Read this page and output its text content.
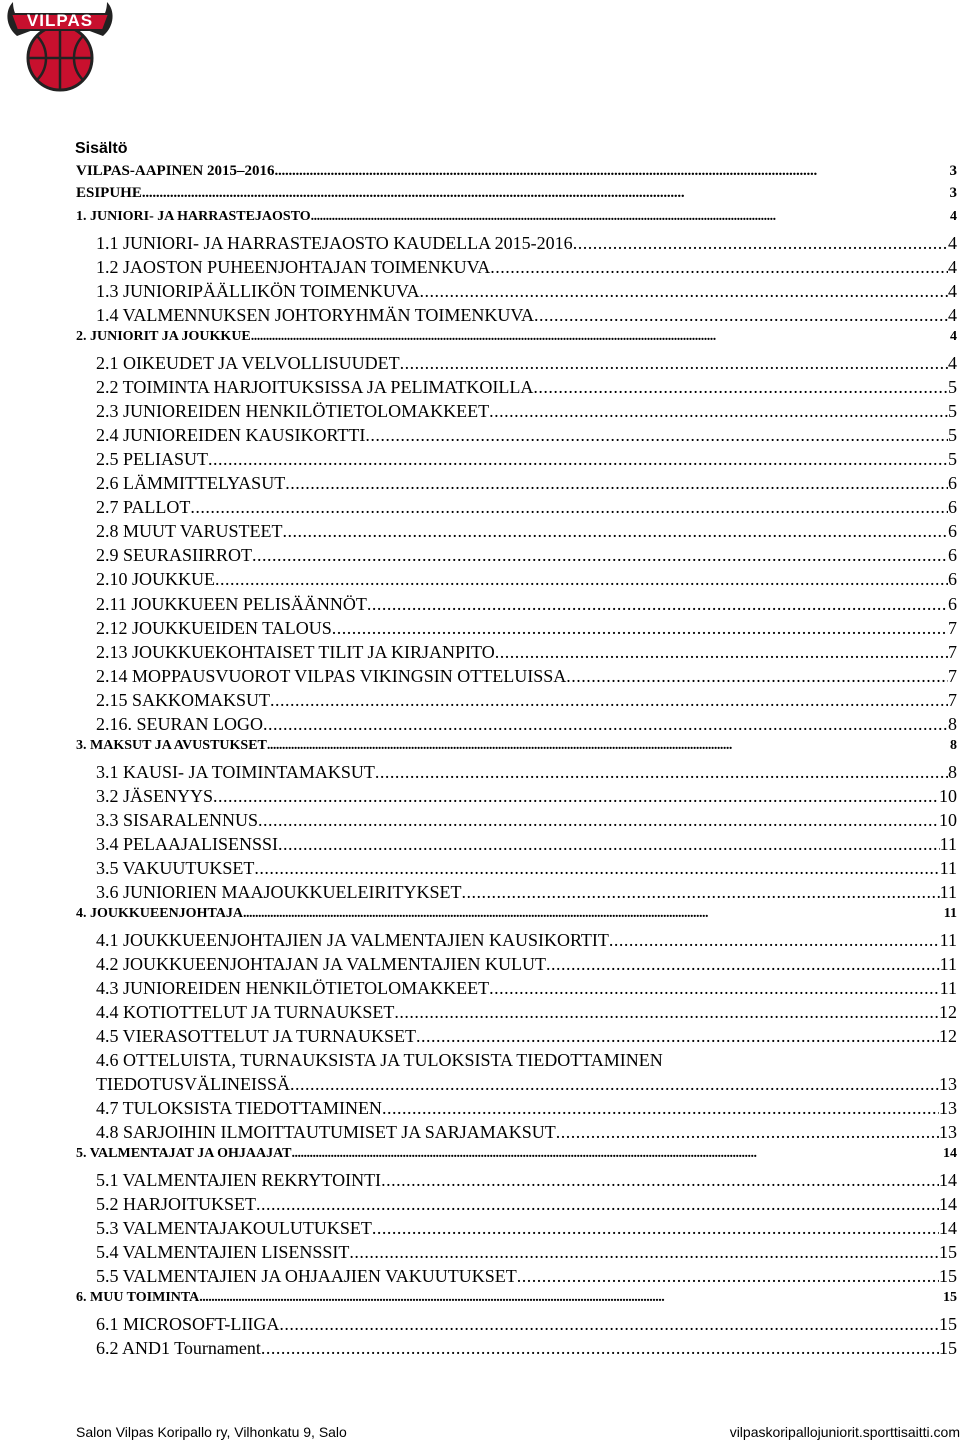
VILPAS
Sisältö
VILPAS-AAPINEN 2015–2016 . . .	3
ESIPUHE . . .	3
1. JUNIORI- JA HARRASTEJAOSTO . . .	4
1.1 JUNIORI- JA HARRASTEJAOSTO KAUDELLA 2015-2016 . . .	4
1.2 JAOSTON PUHEENJOHTAJAN TOIMENKUVA . . .	4
1.3 JUNIORIPÄÄLLIKÖN TOIMENKUVA . . .	4
1.4 VALMENNUKSEN JOHTORYHMÄN TOIMENKUVA . . .	4
2. JUNIORIT JA JOUKKUE . . .	4
2.1 OIKEUDET JA VELVOLLISUUDET . . .	4
2.2 TOIMINTA HARJOITUKSISSA JA PELIMATKOILLA . . .	5
2.3 JUNIOREIDEN HENKILÖTIETOLOMAKKEET . . .	5
2.4 JUNIOREIDEN KAUSIKORTTI . . .	5
2.5 PELIASUT . . .	5
2.6 LÄMMITTELYASUT . . .	6
2.7 PALLOT . . .	6
2.8 MUUT VARUSTEET . . .	6
2.9 SEURASIIRROT . . .	6
2.10 JOUKKUE . . .	6
2.11 JOUKKUEEN PELISÄÄNNÖT . . .	6
2.12 JOUKKUEIDEN TALOUS . . .	7
2.13 JOUKKUEKOHTAISET TILIT JA KIRJANPITO . . .	7
2.14 MOPPAUSVUOROT VILPAS VIKINGSIN OTTELUISSA . . .	7
2.15 SAKKOMAKSUT . . .	7
2.16. SEURAN LOGO . . .	8
3. MAKSUT JA AVUSTUKSET . . .	8
3.1 KAUSI- JA TOIMINTAMAKSUT . . .	8
3.2 JÄSENYYS . . .	10
3.3 SISARALENNUS . . .	10
3.4 PELAAJALISENSSI . . .	11
3.5 VAKUUTUKSET . . .	11
3.6 JUNIORIEN MAAJOUKKUELEIRITYKSET . . .	11
4. JOUKKUEENJOHTAJA . . .	11
4.1 JOUKKUEENJOHTAJIEN JA VALMENTAJIEN KAUSIKORTIT . . .	11
4.2 JOUKKUEENJOHTAJAN JA VALMENTAJIEN KULUT . . .	11
4.3 JUNIOREIDEN HENKILÖTIETOLOMAKKEET . . .	11
4.4 KOTIOTTELUT JA TURNAUKSET . . .	12
4.5 VIERASOTTELUT JA TURNAUKSET . . .	12
4.6 OTTELUISTA, TURNAUKSISTA JA TULOKSISTA TIEDOTTAMINEN
TIEDOTUSVÄLINEISSÄ . . .	13
4.7 TULOKSISTA TIEDOTTAMINEN . . .	13
4.8 SARJOIHIN ILMOITTAUTUMISET JA SARJAMAKSUT . . .	13
5. VALMENTAJAT JA OHJAAJAT . . .	14
5.1 VALMENTAJIEN REKRYTOINTI . . .	14
5.2 HARJOITUKSET . . .	14
5.3 VALMENTAJAKOULUTUKSET . . .	14
5.4 VALMENTAJIEN LISENSSIT . . .	15
5.5 VALMENTAJIEN JA OHJAAJIEN VAKUUTUKSET . . .	15
6. MUU TOIMINTA . . .	15
6.1 MICROSOFT-LIIGA . . .	15
6.2 AND1 Tournament . . .	15
Salon Vilpas Koripallo ry, Vilhonkatu 9, Salo	vilpaskoripallojuniorit.sporttisaitti.com
